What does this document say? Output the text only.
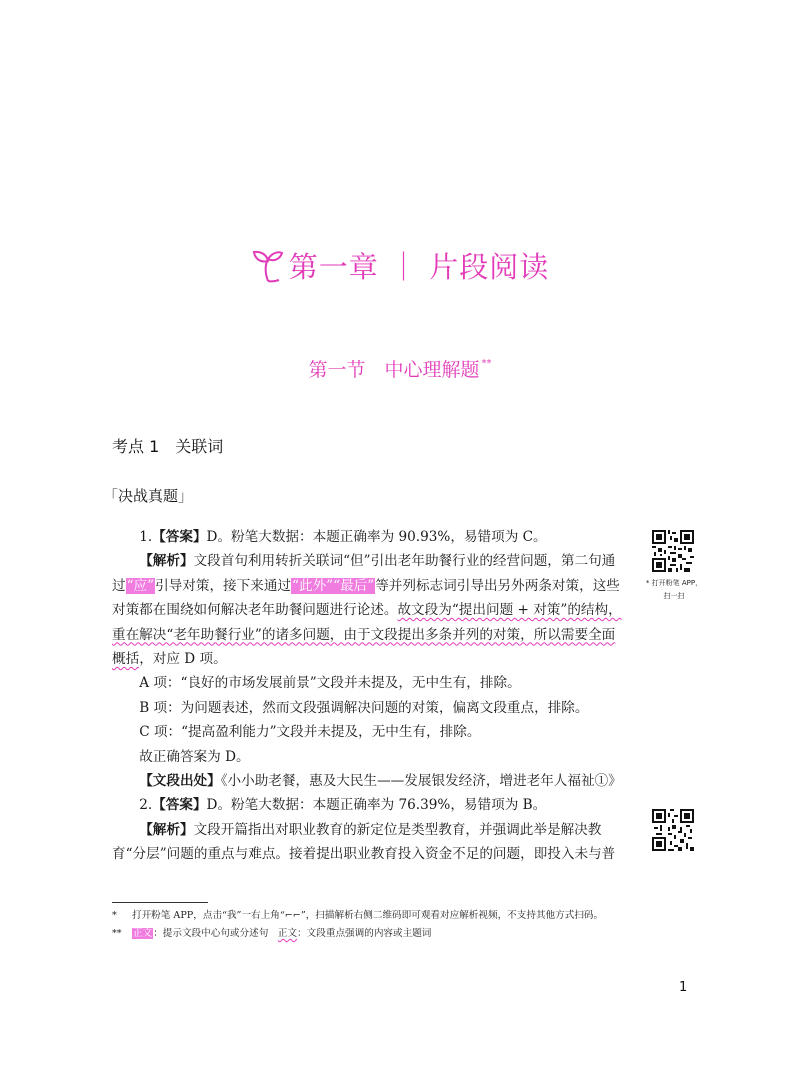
第一章 ｜ 片段阅读
第一节　中心理解题 **
考点 1　关联词
「决战真题」

1.【答案】D。粉笔大数据：本题正确率为 90.93%，易错项为 C。

【解析】文段首句利用转折关联词“但”引出老年助餐行业的经营问题，第二句通过“应”引导对策，接下来通过“此外”“最后”等并列标志词引导出另外两条对策，这些对策都在围绕如何解决老年助餐问题进行论述。故文段为“提出问题 + 对策”的结构，重在解决“老年助餐行业”的诸多问题，由于文段提出多条并列的对策，所以需要全面概括，对应 D 项。

A 项：“良好的市场发展前景”文段并未提及，无中生有，排除。

B 项：为问题表述，然而文段强调解决问题的对策，偏离文段重点，排除。

C 项：“提高盈利能力”文段并未提及，无中生有，排除。

故正确答案为 D。

【文段出处】《小小助老餐，惠及大民生——发展银发经济，增进老年人福祉①》

2.【答案】D。粉笔大数据：本题正确率为 76.39%，易错项为 B。

【解析】文段开篇指出对职业教育的新定位是类型教育，并强调此举是解决教育“分层”问题的重点与难点。接着提出职业教育投入资金不足的问题，即投入未与普

* 打开粉笔 APP，
扫一扫

* 打开粉笔 APP，点击“我”一右上角“⌐⌐”，扫描解析右侧二维码即可观看对应解析视频，不支持其他方式扫码。

** 正文：提示文段中心句或分述句　正文：文段重点强调的内容或主题词

1
